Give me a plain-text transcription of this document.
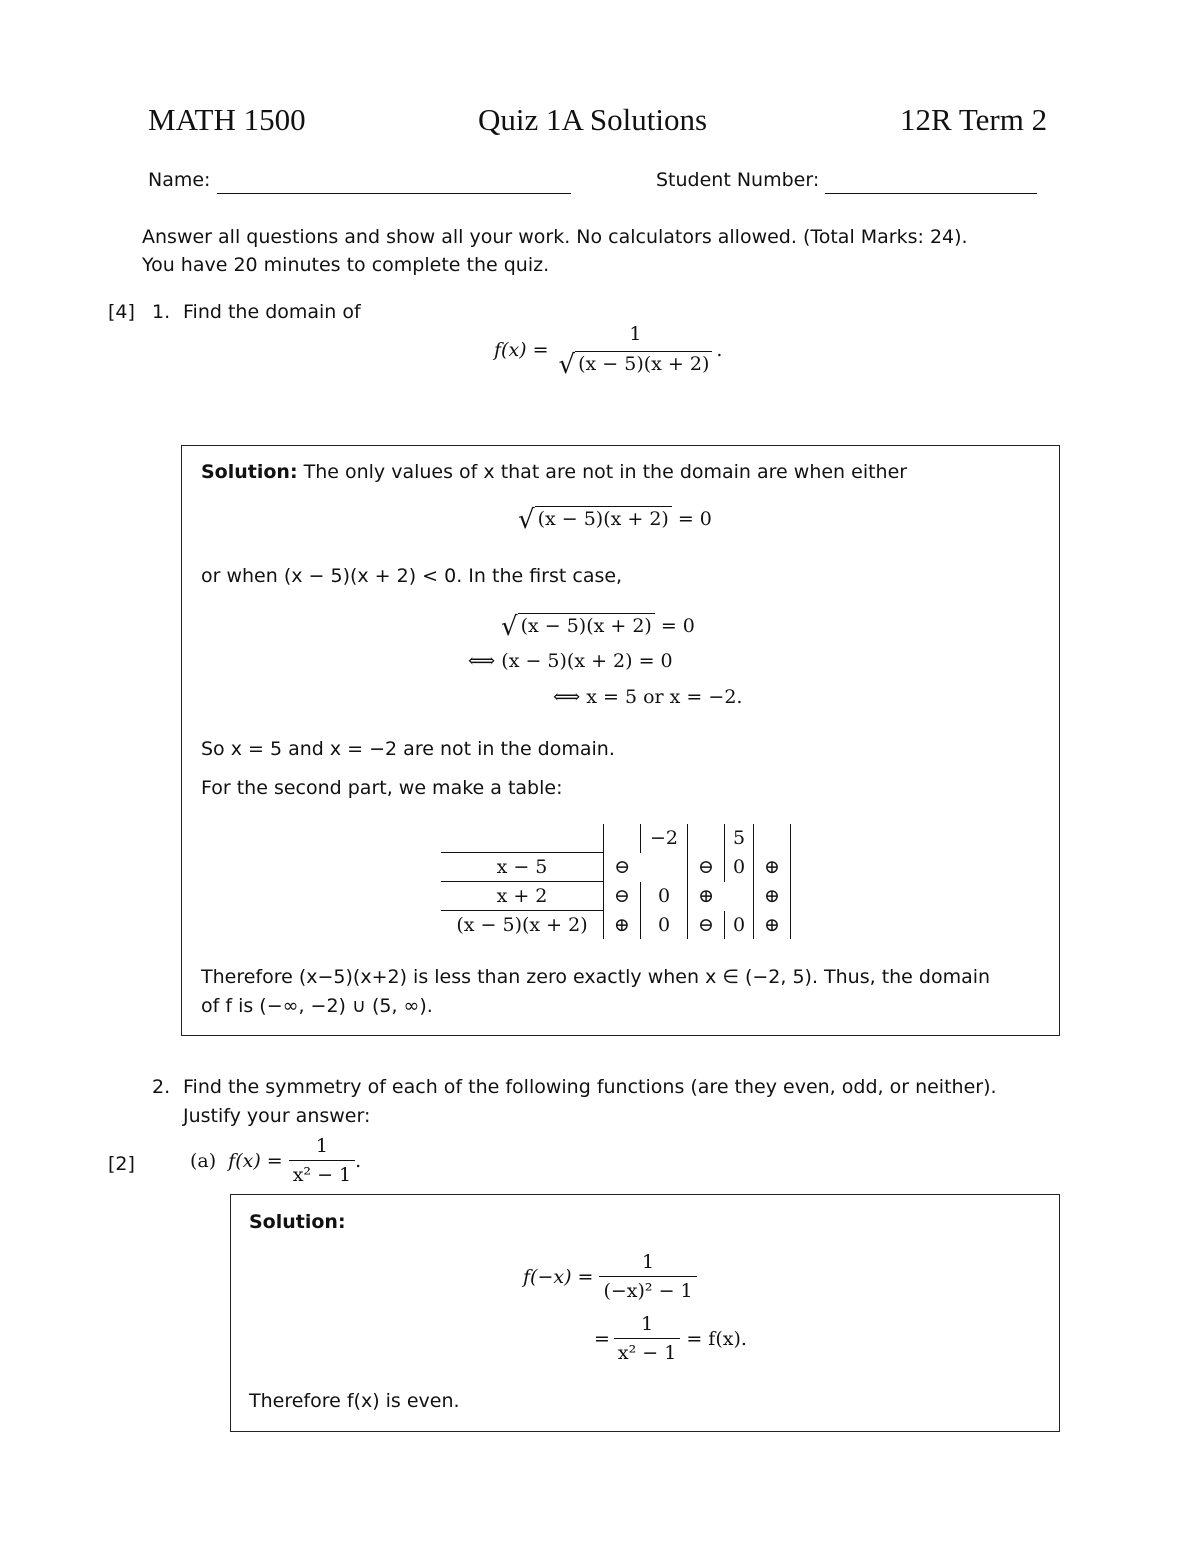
MATH 1500	Quiz 1A Solutions	12R Term 2
Name:	Student Number:
Answer all questions and show all your work. No calculators allowed. (Total Marks: 24).
You have 20 minutes to complete the quiz.
[4] 1. Find the domain of
f(x) =
1
√ (x − 5)(x + 2)
.
Solution: The only values of x that are not in the domain are when either
√ (x − 5)(x + 2) = 0
or when (x − 5)(x + 2) < 0. In the first case,
√ (x − 5)(x + 2) = 0
⟺ (x − 5)(x + 2) = 0
⟺ x = 5 or x = −2.
So x = 5 and x = −2 are not in the domain.
For the second part, we make a table:
		−2		5	
x − 5	⊖		⊖	0	⊕
x + 2	⊖	0	⊕		⊕
(x − 5)(x + 2)	⊕	0	⊖	0	⊕
Therefore (x−5)(x+2) is less than zero exactly when x ∈ (−2, 5). Thus, the domain
of f is (−∞, −2) ∪ (5, ∞).
2. Find the symmetry of each of the following functions (are they even, odd, or neither).
Justify your answer:
[2]	(a) $f(x) = \frac{1}{\text{x² − 1}}$ .
Solution:
$f(-x) = \frac{1}{\text{(−x)² − 1}}$
= $\frac{1}{\text{x² − 1}} = f(x)$.
Therefore f(x) is even.
